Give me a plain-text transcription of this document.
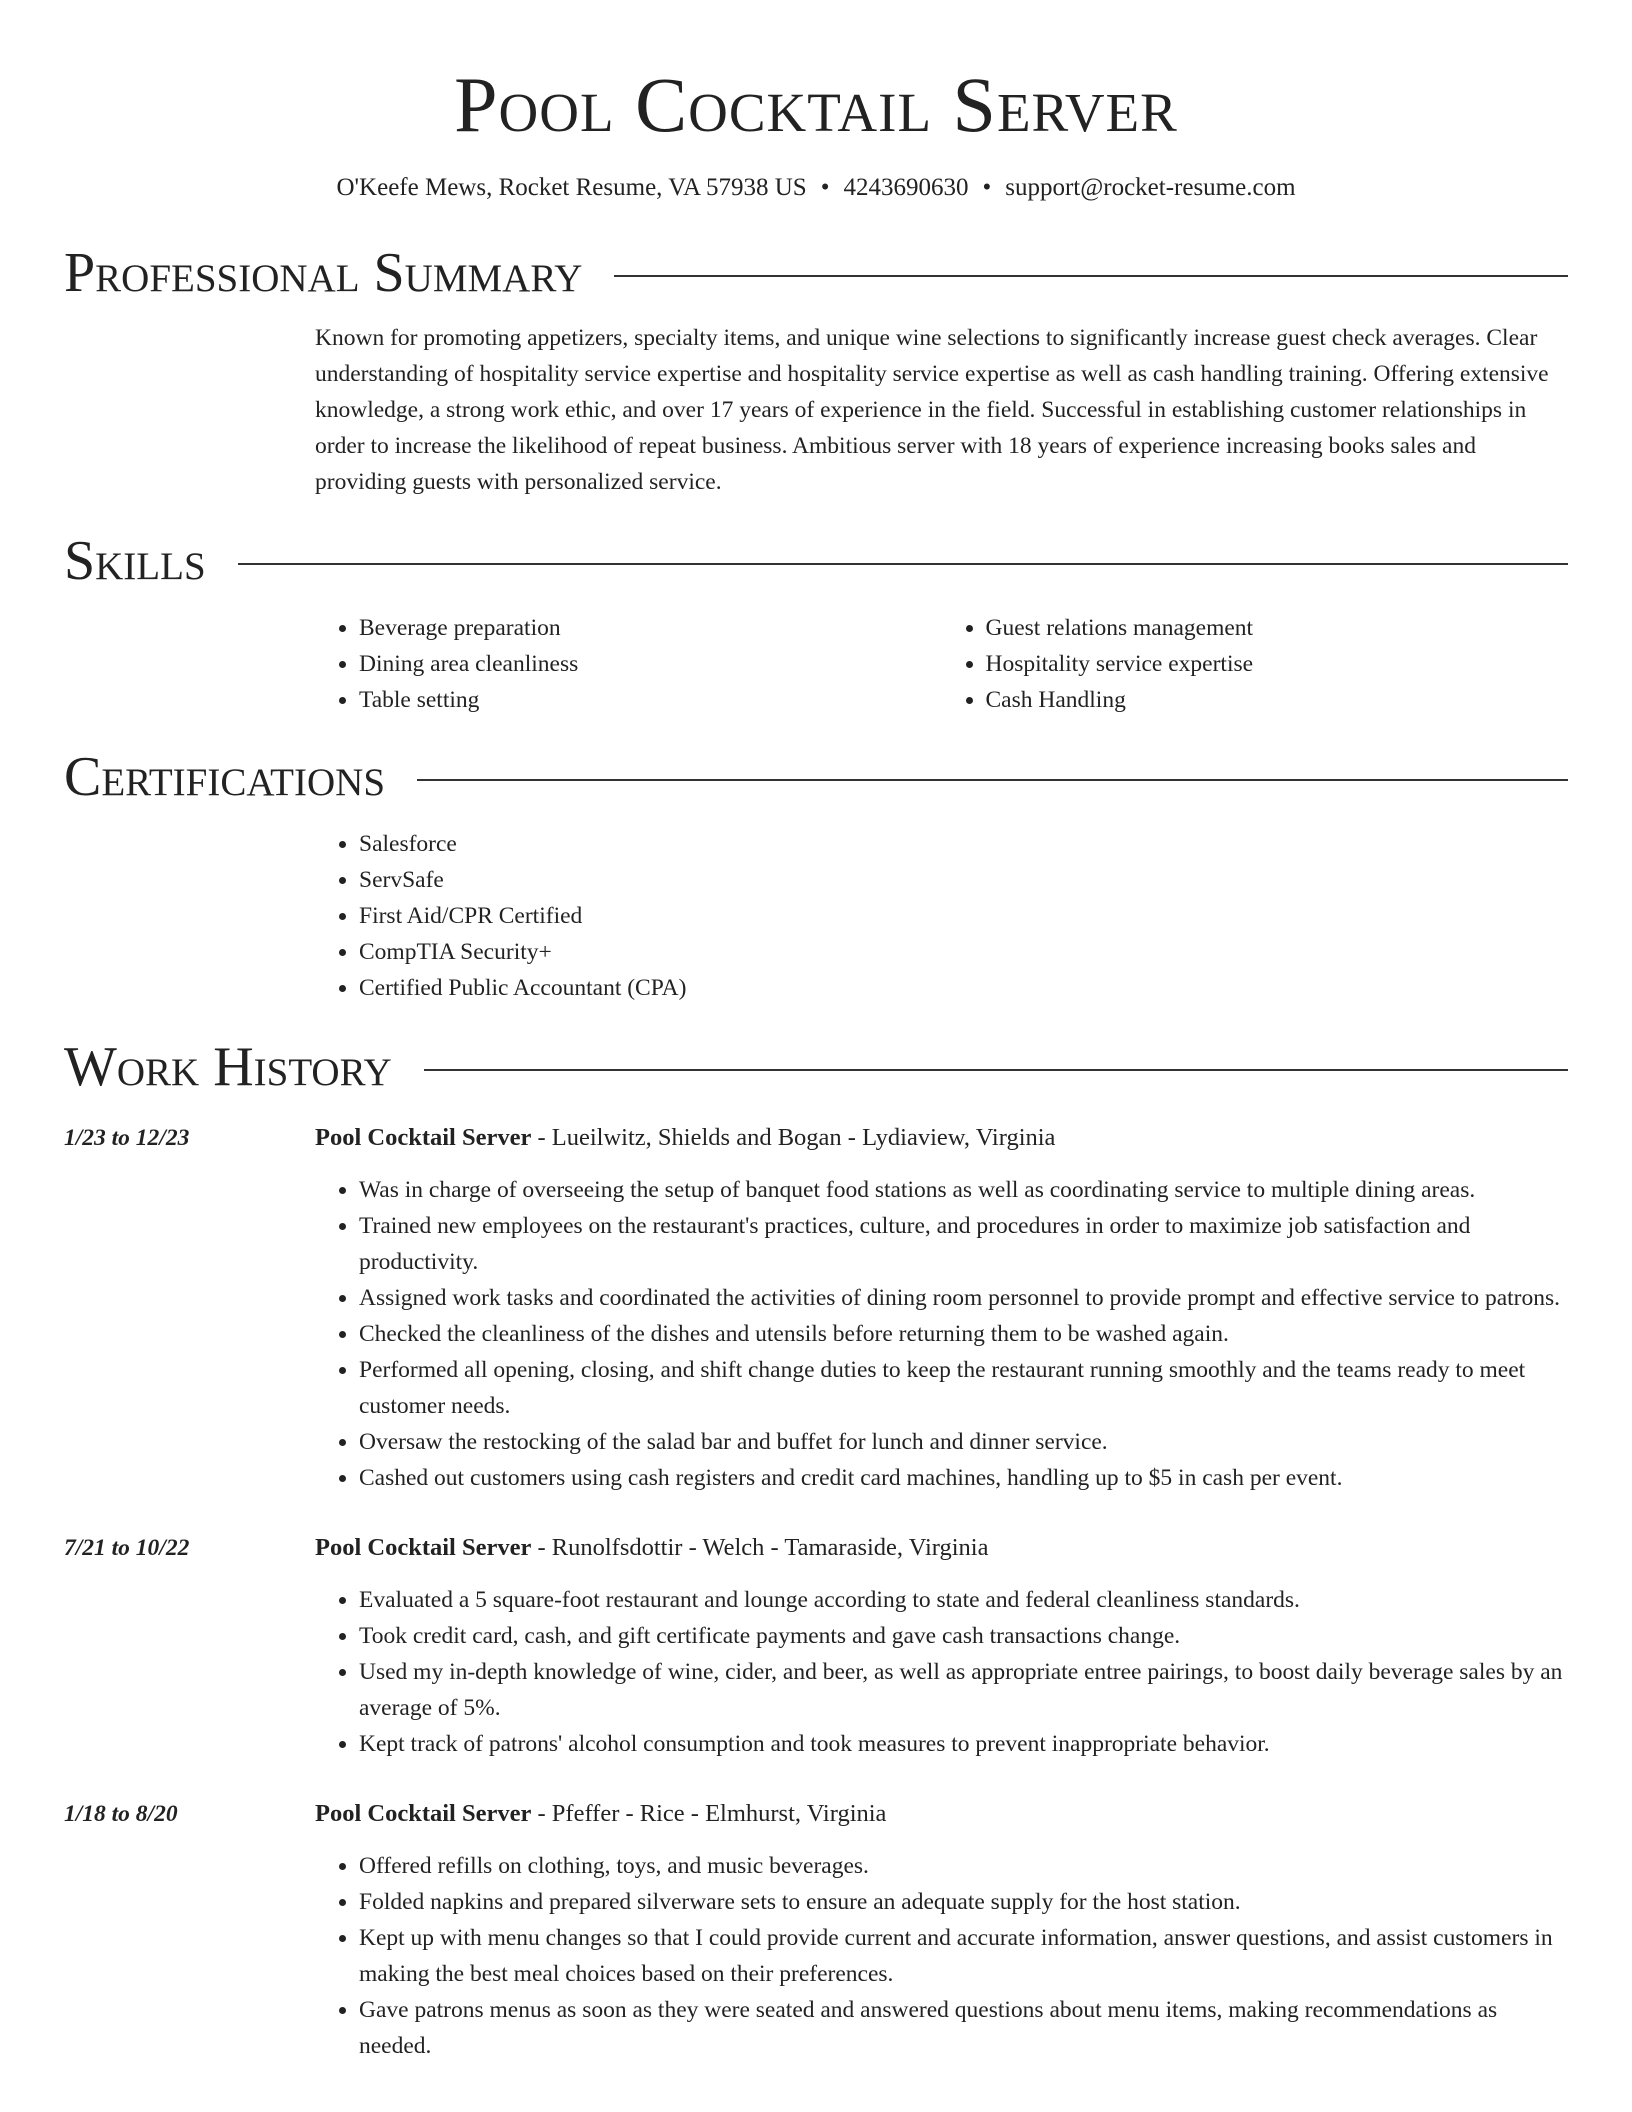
Pool Cocktail Server
O'Keefe Mews, Rocket Resume, VA 57938 US • 4243690630 • support@rocket-resume.com
Professional Summary

Known for promoting appetizers, specialty items, and unique wine selections to significantly increase guest check averages. Clear understanding of hospitality service expertise and hospitality service expertise as well as cash handling training. Offering extensive knowledge, a strong work ethic, and over 17 years of experience in the field. Successful in establishing customer relationships in order to increase the likelihood of repeat business. Ambitious server with 18 years of experience increasing books sales and providing guests with personalized service.

Skills
• Beverage preparation
• Dining area cleanliness
• Table setting
• Guest relations management
• Hospitality service expertise
• Cash Handling
Certifications
• Salesforce
• ServSafe
• First Aid/CPR Certified
• CompTIA Security+
• Certified Public Accountant (CPA)
Work History
1/23 to 12/23	Pool Cocktail Server - Lueilwitz, Shields and Bogan - Lydiaview, Virginia
• Was in charge of overseeing the setup of banquet food stations as well as coordinating service to multiple dining areas.
• Trained new employees on the restaurant's practices, culture, and procedures in order to maximize job satisfaction and productivity.
• Assigned work tasks and coordinated the activities of dining room personnel to provide prompt and effective service to patrons.
• Checked the cleanliness of the dishes and utensils before returning them to be washed again.
• Performed all opening, closing, and shift change duties to keep the restaurant running smoothly and the teams ready to meet customer needs.
• Oversaw the restocking of the salad bar and buffet for lunch and dinner service.
• Cashed out customers using cash registers and credit card machines, handling up to $5 in cash per event.
7/21 to 10/22	Pool Cocktail Server - Runolfsdottir - Welch - Tamaraside, Virginia
• Evaluated a 5 square-foot restaurant and lounge according to state and federal cleanliness standards.
• Took credit card, cash, and gift certificate payments and gave cash transactions change.
• Used my in-depth knowledge of wine, cider, and beer, as well as appropriate entree pairings, to boost daily beverage sales by an average of 5%.
• Kept track of patrons' alcohol consumption and took measures to prevent inappropriate behavior.
1/18 to 8/20	Pool Cocktail Server - Pfeffer - Rice - Elmhurst, Virginia
• Offered refills on clothing, toys, and music beverages.
• Folded napkins and prepared silverware sets to ensure an adequate supply for the host station.
• Kept up with menu changes so that I could provide current and accurate information, answer questions, and assist customers in making the best meal choices based on their preferences.
• Gave patrons menus as soon as they were seated and answered questions about menu items, making recommendations as needed.
